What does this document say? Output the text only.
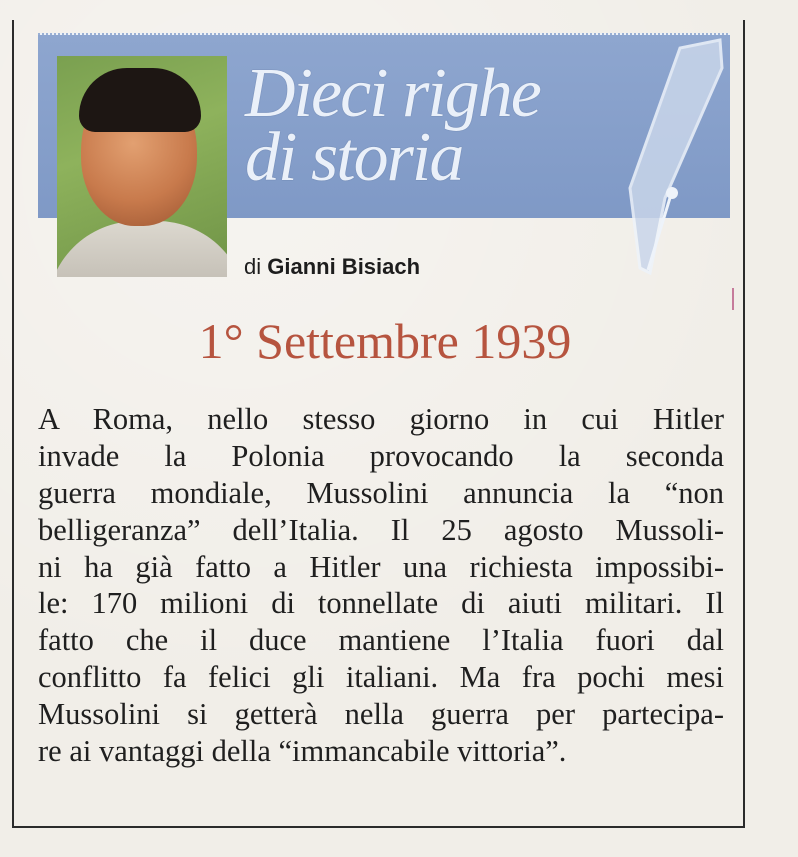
Dieci righe
di storia
di Gianni Bisiach
1° Settembre 1939
A Roma, nello stesso giorno in cui Hitler
invade la Polonia provocando la seconda
guerra mondiale, Mussolini annuncia la “non
belligeranza” dell’Italia. Il 25 agosto Mussoli-
ni ha già fatto a Hitler una richiesta impossibi-
le: 170 milioni di tonnellate di aiuti militari. Il
fatto che il duce mantiene l’Italia fuori dal
conflitto fa felici gli italiani. Ma fra pochi mesi
Mussolini si getterà nella guerra per partecipa-
re ai vantaggi della “immancabile vittoria”.
